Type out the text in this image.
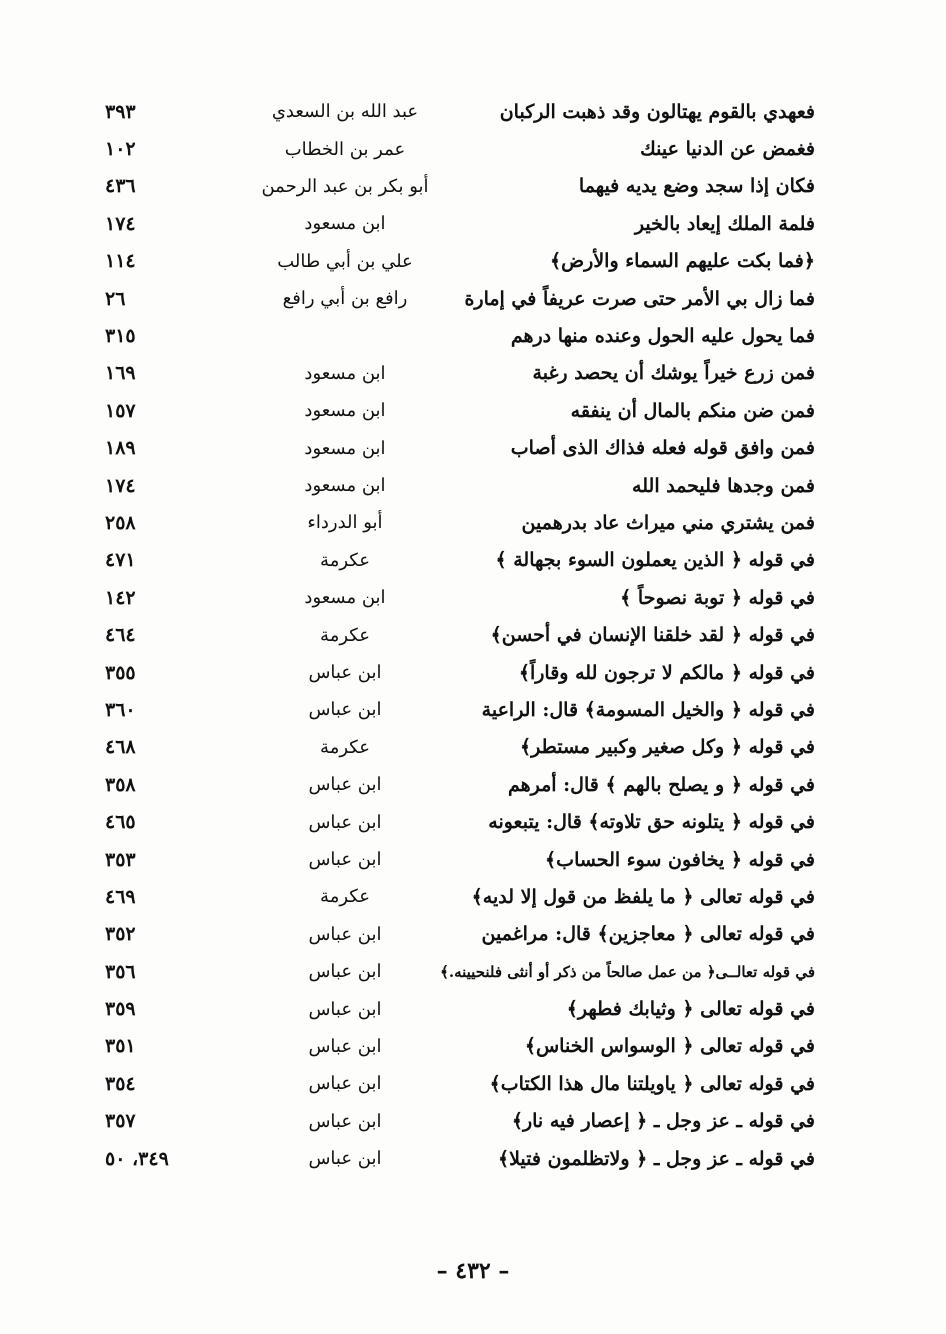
فعهدي بالقوم يهتالون وقد ذهبت الركبان
عبد الله بن السعدي
٣٩٣
فغمض عن الدنيا عينك
عمر بن الخطاب
١٠٢
فكان إذا سجد وضع يديه فيهما
أبو بكر بن عبد الرحمن
٤٣٦
فلمة الملك إيعاد بالخير
ابن مسعود
١٧٤
﴿فما بكت عليهم السماء والأرض﴾
علي بن أبي طالب
١١٤
فما زال بي الأمر حتى صرت عريفاً في إمارة
رافع بن أبي رافع
٢٦
فما يحول عليه الحول وعنده منها درهم
٣١٥
فمن زرع خيراً يوشك أن يحصد رغبة
ابن مسعود
١٦٩
فمن ضن منكم بالمال أن ينفقه
ابن مسعود
١٥٧
فمن وافق قوله فعله فذاك الذى أصاب
ابن مسعود
١٨٩
فمن وجدها فليحمد الله
ابن مسعود
١٧٤
فمن يشتري مني ميراث عاد بدرهمين
أبو الدرداء
٢٥٨
في قوله ﴿ الذين يعملون السوء بجهالة ﴾
عكرمة
٤٧١
في قوله ﴿ توبة نصوحاً ﴾
ابن مسعود
١٤٢
في قوله ﴿ لقد خلقنا الإنسان في أحسن﴾
عكرمة
٤٦٤
في قوله ﴿ مالكم لا ترجون لله وقاراً﴾
ابن عباس
٣٥٥
في قوله ﴿ والخيل المسومة﴾ قال: الراعية
ابن عباس
٣٦٠
في قوله ﴿ وكل صغير وكبير مستطر﴾
عكرمة
٤٦٨
في قوله ﴿ و يصلح بالهم ﴾ قال: أمرهم
ابن عباس
٣٥٨
في قوله ﴿ يتلونه حق تلاوته﴾ قال: يتبعونه
ابن عباس
٤٦٥
في قوله ﴿ يخافون سوء الحساب﴾
ابن عباس
٣٥٣
في قوله تعالى ﴿ ما يلفظ من قول إلا لديه﴾
عكرمة
٤٦٩
في قوله تعالى ﴿ معاجزين﴾ قال: مراغمين
ابن عباس
٣٥٢
في قوله تعالــى﴿ من عمل صالحاً من ذكر أو أنثى فلنحيينه.﴾
ابن عباس
٣٥٦
في قوله تعالى ﴿ وثيابك فطهر﴾
ابن عباس
٣٥٩
في قوله تعالى ﴿ الوسواس الخناس﴾
ابن عباس
٣٥١
في قوله تعالى ﴿ ياويلتنا مال هذا الكتاب﴾
ابن عباس
٣٥٤
في قوله ـ عز وجل ـ ﴿ إعصار فيه نار﴾
ابن عباس
٣٥٧
في قوله ـ عز وجل ـ ﴿ ولاتظلمون فتيلا﴾
ابن عباس
٣٤٩، ٥٠
– ٤٣٢ –
